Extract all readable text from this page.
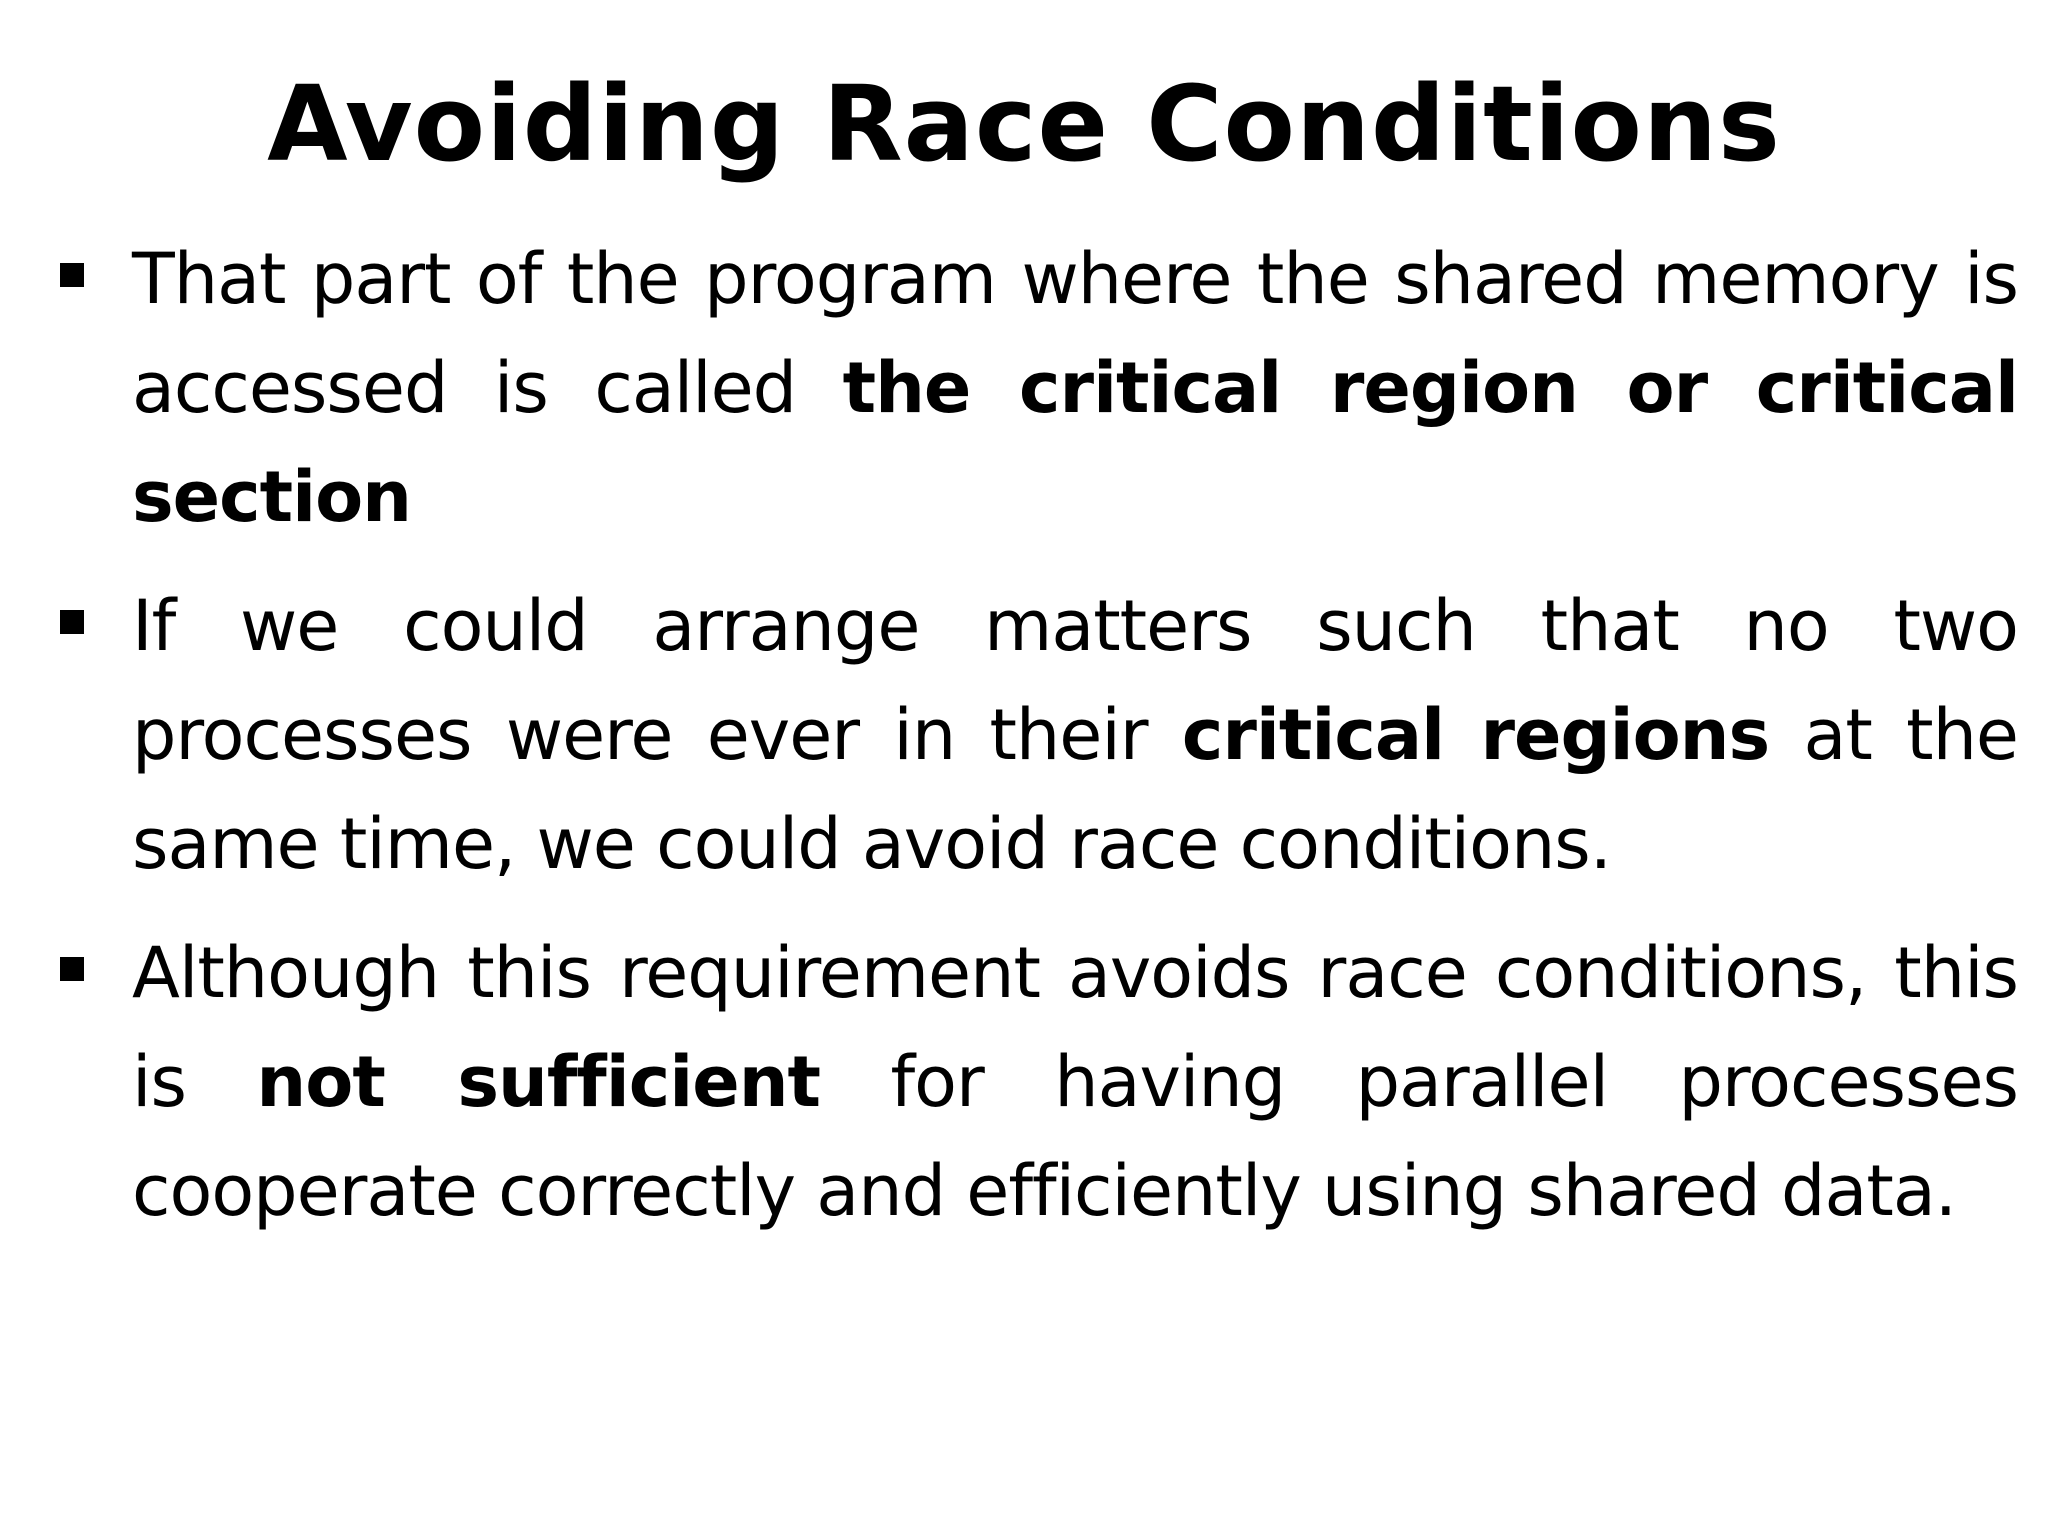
Avoiding Race Conditions
That part of the program where the shared memory is accessed is called the critical region or critical section
If we could arrange matters such that no two processes were ever in their critical regions at the same time, we could avoid race conditions.
Although this requirement avoids race conditions, this is not sufficient for having parallel processes cooperate correctly and efficiently using shared data.
